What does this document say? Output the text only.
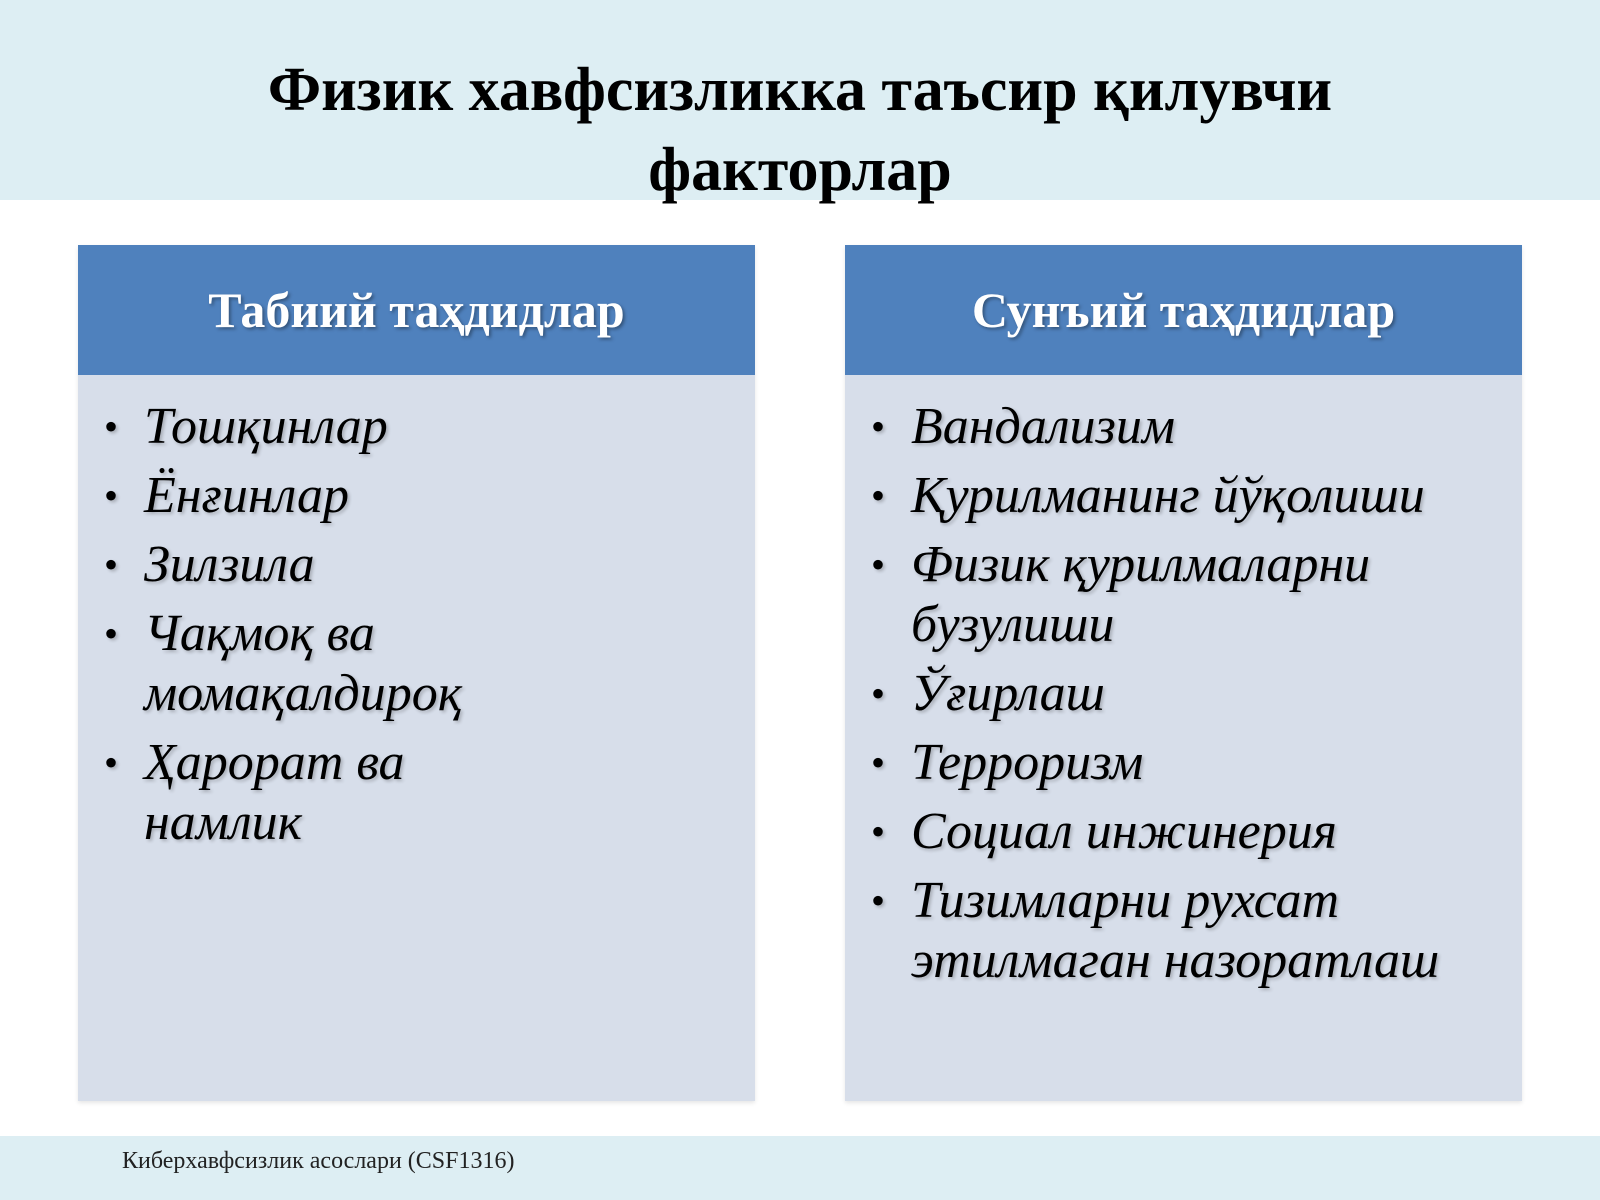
Физик хавфсизликка таъсир қилувчи факторлар
Табиий таҳдидлар
• Тошқинлар
• Ёнғинлар
• Зилзила
• Чақмоқ ва момақалдироқ
• Ҳарорат ва намлик
Сунъий таҳдидлар
• Вандализим
• Қурилманинг йўқолиши
• Физик қурилмаларни бузулиши
• Ўғирлаш
• Терроризм
• Социал инжинерия
• Тизимларни рухсат этилмаган назоратлаш
Киберхавфсизлик асослари (CSF1316)
